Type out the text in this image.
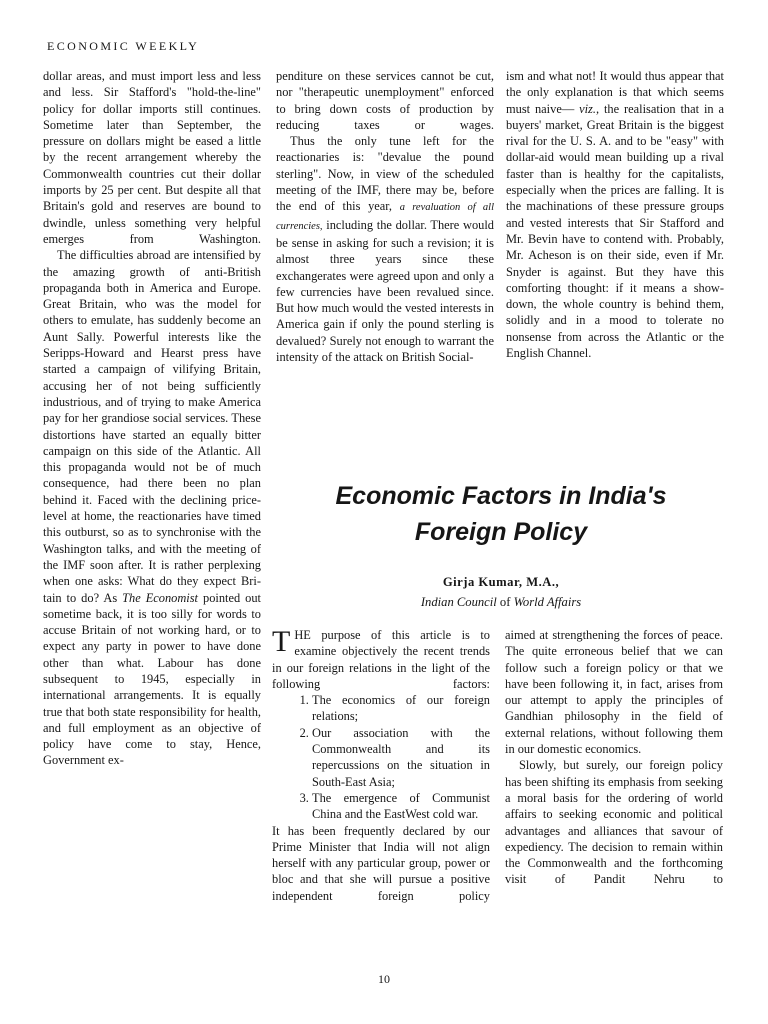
ECONOMIC WEEKLY

dollar areas, and must import less and less and less. Sir Stafford's "hold-the-line" policy for dollar imports still continues. Sometime later than September, the pressure on dollars might be eased a little by the recent arrangement whereby the Commonwealth countries cut their dollar imports by 25 per cent. But despite all that Britain's gold and reserves are bound to dwindle, unless something very helpful emerges from Washington.

The difficulties abroad are intensified by the amazing growth of anti-British propaganda both in America and Europe. Great Britain, who was the model for others to emulate, has suddenly become an Aunt Sally. Powerful interests like the Seripps-Howard and Hearst press have started a campaign of vilifying Britain, accusing her of not being sufficiently industrious, and of trying to make America pay for her grandiose social services. These distortions have started an equally bitter campaign on this side of the Atlantic. All this propaganda would not be of much consequence, had there been no plan behind it. Faced with the declining price-level at home, the reactionaries have timed this outburst, so as to synchronise with the Washington talks, and with the meeting of the IMF soon after. It is rather perplexing when one asks: What do they expect Bri- tain to do? As The Economist pointed out sometime back, it is too silly for words to accuse Britain of not working hard, or to expect any party in power to have done other than what. Labour has done subsequent to 1945, especially in international arrangements. It is equally true that both state responsibility for health, and full employment as an objective of policy have come to stay, Hence, Government ex-

penditure on these services cannot be cut, nor "therapeutic unemployment" enforced to bring down costs of production by reducing taxes or wages.

Thus the only tune left for the reactionaries is: "devalue the pound sterling". Now, in view of the scheduled meeting of the IMF, there may be, before the end of this year, a revaluation of all currencies, including the dollar. There would be sense in asking for such a revision; it is almost three years since these exchangerates were agreed upon and only a few currencies have been revalued since. But how much would the vested interests in America gain if only the pound sterling is devalued? Surely not enough to warrant the intensity of the attack on British Social-

ism and what not! It would thus appear that the only explanation is that which seems must naive— viz., the realisation that in a buyers' market, Great Britain is the biggest rival for the U. S. A. and to be "easy" with dollar-aid would mean building up a rival faster than is healthy for the capitalists, especially when the prices are falling. It is the machinations of these pressure groups and vested interests that Sir Stafford and Mr. Bevin have to contend with. Probably, Mr. Acheson is on their side, even if Mr. Snyder is against. But they have this comforting thought: if it means a show-down, the whole country is behind them, solidly and in a mood to tolerate no nonsense from across the Atlantic or the English Channel.

Economic Factors in India's
Foreign Policy
Girja Kumar, M.A.,
Indian Council of World Affairs

THE purpose of this article is to examine objectively the recent trends in our foreign relations in the light of the following factors:

1. The economics of our foreign relations;
2. Our association with the Commonwealth and its repercussions on the situation in South-East Asia;
3. The emergence of Communist China and the EastWest cold war.

It has been frequently declared by our Prime Minister that India will not align herself with any particular group, power or bloc and that she will pursue a positive independent foreign policy

aimed at strengthening the forces of peace. The quite erroneous belief that we can follow such a foreign policy or that we have been following it, in fact, arises from our attempt to apply the principles of Gandhian philosophy in the field of external relations, without following them in our domestic economics.

Slowly, but surely, our foreign policy has been shifting its emphasis from seeking a moral basis for the ordering of world affairs to seeking economic and political advantages and alliances that savour of expediency. The decision to remain within the Commonwealth and the forthcoming visit of Pandit Nehru to

10
